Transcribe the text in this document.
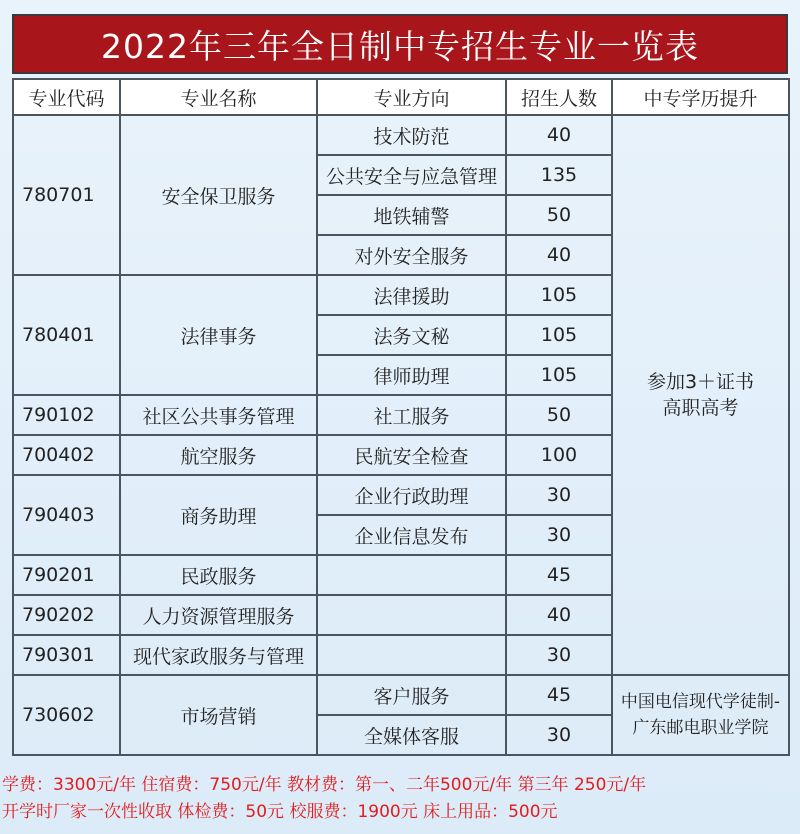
2022年三年全日制中专招生专业一览表
专业代码	专业名称	专业方向	招生人数	中专学历提升
780701	安全保卫服务	技术防范	40	参加3＋证书
高职高考

		公共安全与应急管理	135	
		地铁辅警	50	
		对外安全服务	40	
780401	法律事务	法律援助	105	
		法务文秘	105	
		律师助理	105	
790102	社区公共事务管理	社工服务	50	
700402	航空服务	民航安全检查	100	
790403	商务助理	企业行政助理	30	
		企业信息发布	30	
790201	民政服务		45	
790202	人力资源管理服务		40	
790301	现代家政服务与管理		30	
730602	市场营销	客户服务	45	中国电信现代学徒制-
广东邮电职业学院

		全媒体客服	30	
学费：3300元/年 住宿费：750元/年 教材费：第一、二年500元/年 第三年 250元/年
开学时厂家一次性收取 体检费：50元 校服费：1900元 床上用品：500元
